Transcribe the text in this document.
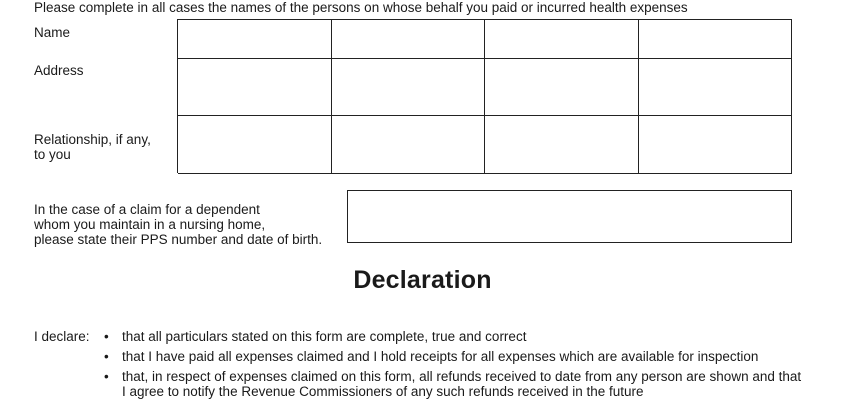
Please complete in all cases the names of the persons on whose behalf you paid or incurred health expenses
Name
Address
Relationship, if any,
to you
In the case of a claim for a dependent
whom you maintain in a nursing home,
please state their PPS number and date of birth.
Declaration
I declare: • that all particulars stated on this form are complete, true and correct
• that I have paid all expenses claimed and I hold receipts for all expenses which are available for inspection
• that, in respect of expenses claimed on this form, all refunds received to date from any person are shown and that I agree to notify the Revenue Commissioners of any such refunds received in the future
